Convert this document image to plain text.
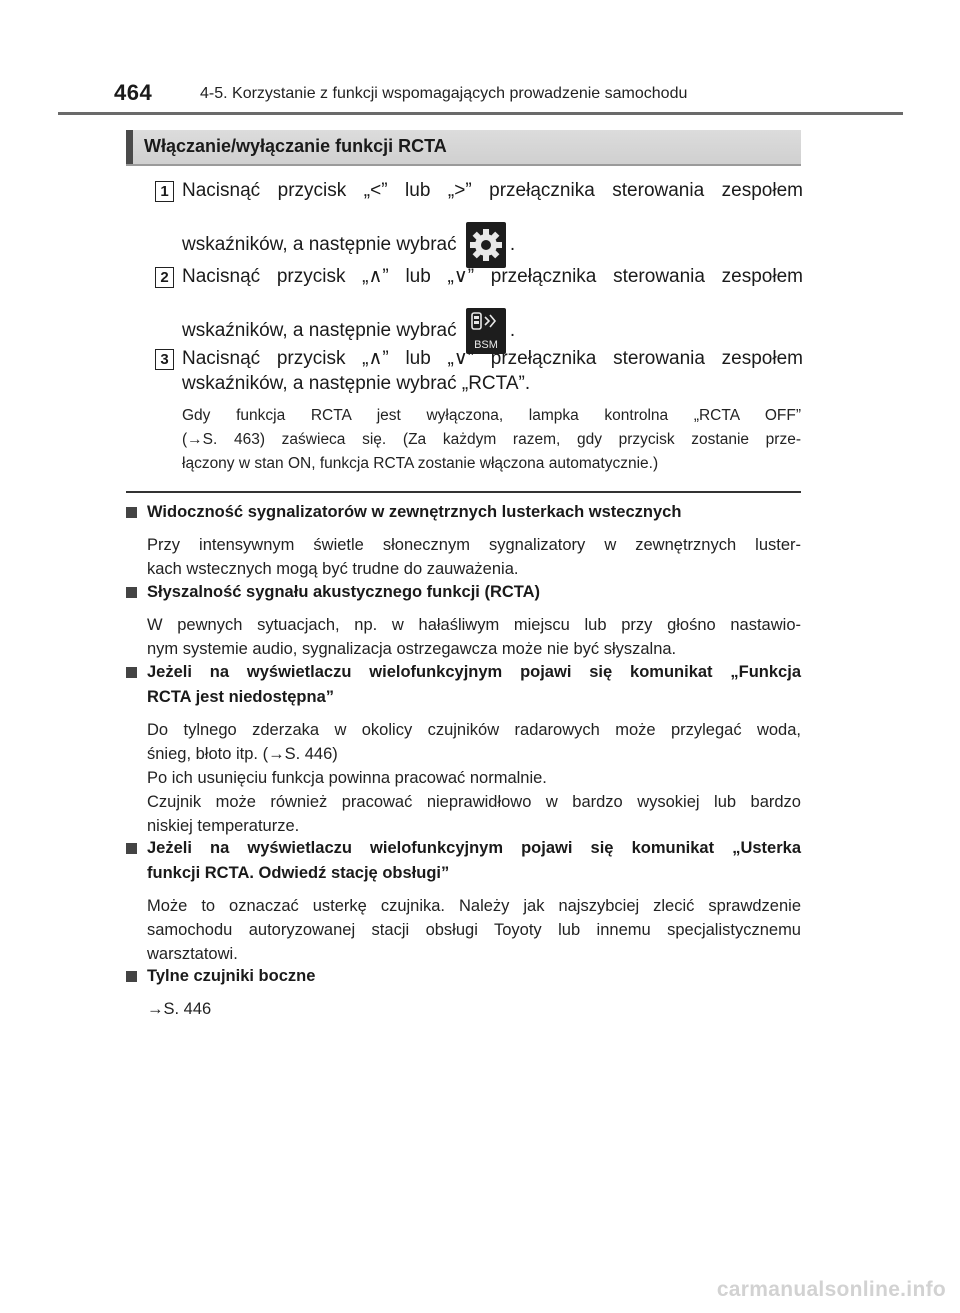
464	4-5. Korzystanie z funkcji wspomagających prowadzenie samochodu
Włączanie/wyłączanie funkcji RCTA
1 Nacisnąć przycisk „<” lub „>” przełącznika sterowania zespołem
wskaźników, a następnie wybrać	.
2 Nacisnąć przycisk „∧” lub „∨” przełącznika sterowania zespołem
wskaźników, a następnie wybrać
BSM
.
3 Nacisnąć przycisk „∧” lub „∨” przełącznika sterowania zespołem
wskaźników, a następnie wybrać „RCTA”.
Gdy funkcja RCTA jest wyłączona, lampka kontrolna „RCTA OFF”
(→S. 463) zaświeca się. (Za każdym razem, gdy przycisk zostanie prze-
łączony w stan ON, funkcja RCTA zostanie włączona automatycznie.)
Widoczność sygnalizatorów w zewnętrznych lusterkach wstecznych
Przy intensywnym świetle słonecznym sygnalizatory w zewnętrznych luster-
kach wstecznych mogą być trudne do zauważenia.
Słyszalność sygnału akustycznego funkcji (RCTA)
W pewnych sytuacjach, np. w hałaśliwym miejscu lub przy głośno nastawio-
nym systemie audio, sygnalizacja ostrzegawcza może nie być słyszalna.
Jeżeli na wyświetlaczu wielofunkcyjnym pojawi się komunikat „Funkcja
RCTA jest niedostępna”
Do tylnego zderzaka w okolicy czujników radarowych może przylegać woda,
śnieg, błoto itp. (→S. 446)
Po ich usunięciu funkcja powinna pracować normalnie.
Czujnik może również pracować nieprawidłowo w bardzo wysokiej lub bardzo
niskiej temperaturze.
Jeżeli na wyświetlaczu wielofunkcyjnym pojawi się komunikat „Usterka
funkcji RCTA. Odwiedź stację obsługi”
Może to oznaczać usterkę czujnika. Należy jak najszybciej zlecić sprawdzenie
samochodu autoryzowanej stacji obsługi Toyoty lub innemu specjalistycznemu
warsztatowi.
Tylne czujniki boczne
→S. 446
carmanualsonline.info
